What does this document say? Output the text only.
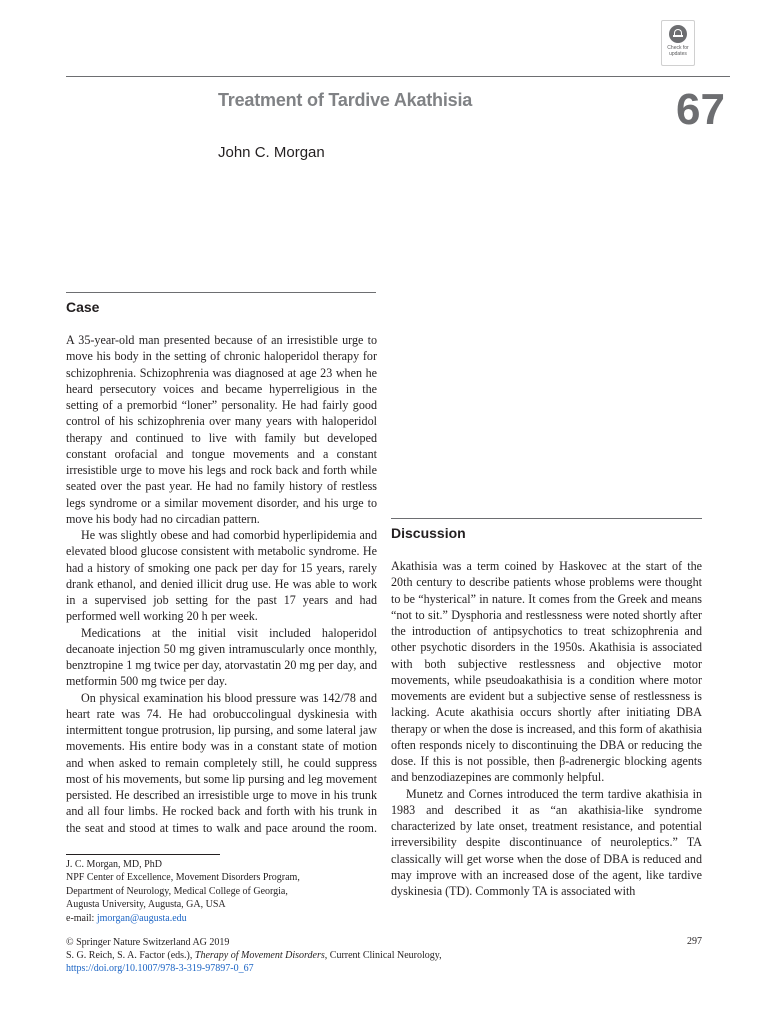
Check for
updates
Treatment of Tardive Akathisia	67
John C. Morgan
Case

A 35-year-old man presented because of an irresistible urge to move his body in the setting of chronic haloperidol therapy for schizophrenia. Schizophrenia was diagnosed at age 23 when he heard persecutory voices and became hyperreligious in the setting of a premorbid “loner” personality. He had fairly good control of his schizophrenia over many years with haloperidol therapy and continued to live with family but developed constant orofacial and tongue movements and a constant irresistible urge to move his legs and rock back and forth while seated over the past year. He had no family history of restless legs syndrome or a similar movement disorder, and his urge to move his body had no circadian pattern.

He was slightly obese and had comorbid hyperlipidemia and elevated blood glucose consistent with metabolic syndrome. He had a history of smoking one pack per day for 15 years, rarely drank ethanol, and denied illicit drug use. He was able to work in a supervised job setting for the past 17 years and had performed well working 20 h per week.

Medications at the initial visit included haloperidol decanoate injection 50 mg given intramuscularly once monthly, benztropine 1 mg twice per day, atorvastatin 20 mg per day, and metformin 500 mg twice per day.

On physical examination his blood pressure was 142/78 and heart rate was 74. He had orobuccolingual dyskinesia with intermittent tongue protrusion, lip pursing, and some lateral jaw movements. His entire body was in a constant state of motion and when asked to remain completely still, he could suppress most of his movements, but some lip pursing and leg movement persisted. He described an irresistible urge to move in his trunk and all four limbs. He rocked back and forth with his trunk in the seat and stood at times to walk and pace around the room.

Discussion

Akathisia was a term coined by Haskovec at the start of the 20th century to describe patients whose problems were thought to be “hysterical” in nature. It comes from the Greek and means “not to sit.” Dysphoria and restlessness were noted shortly after the introduction of antipsychotics to treat schizophrenia and other psychotic disorders in the 1950s. Akathisia is associated with both subjective restlessness and objective motor movements, while pseudoakathisia is a condition where motor movements are evident but a subjective sense of restlessness is lacking. Acute akathisia occurs shortly after initiating DBA therapy or when the dose is increased, and this form of akathisia often responds nicely to discontinuing the DBA or reducing the dose. If this is not possible, then β-adrenergic blocking agents and benzodiazepines are commonly helpful.

Munetz and Cornes introduced the term tardive akathisia in 1983 and described it as “an akathisia-like syndrome characterized by late onset, treatment resistance, and potential irreversibility despite discontinuance of neuroleptics.” TA classically will get worse when the dose of DBA is reduced and may improve with an increased dose of the agent, like tardive dyskinesia (TD). Commonly TA is associated with

J. C. Morgan, MD, PhD
NPF Center of Excellence, Movement Disorders Program,
Department of Neurology, Medical College of Georgia,
Augusta University, Augusta, GA, USA
e-mail: jmorgan@augusta.edu
© Springer Nature Switzerland AG 2019
S. G. Reich, S. A. Factor (eds.), Therapy of Movement Disorders, Current Clinical Neurology,
https://doi.org/10.1007/978-3-319-97897-0_67
297
